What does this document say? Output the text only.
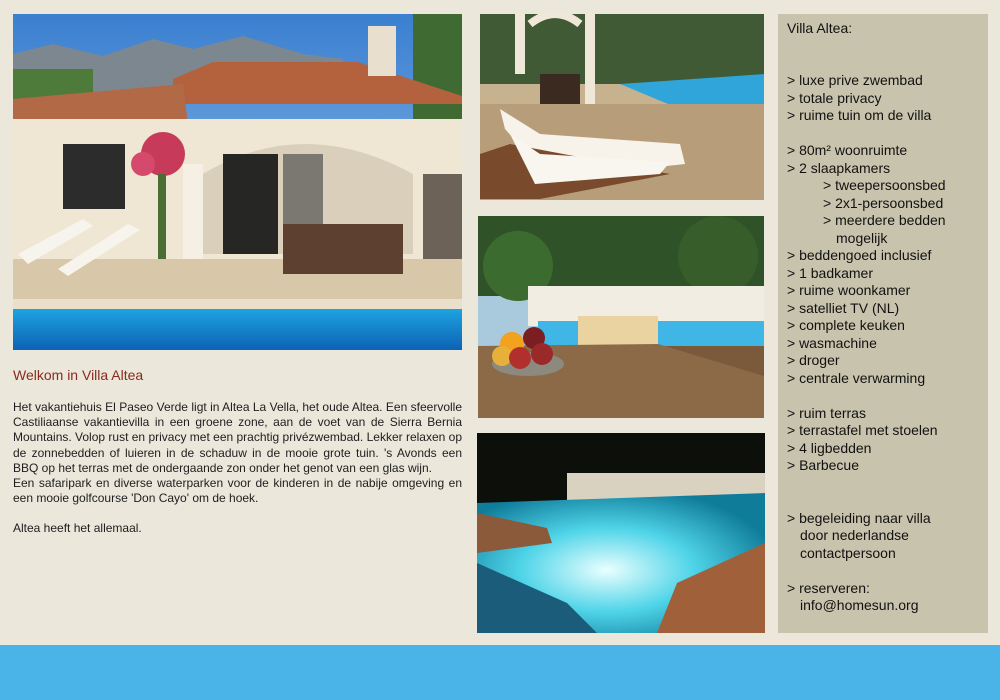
Welkom in Villa Altea

Het vakantiehuis El Paseo Verde ligt in Altea La Vella, het oude Altea. Een sfeervolle Castiliaanse vakantievilla in een groene zone, aan de voet van de Sierra Bernia Mountains. Volop rust en privacy met een prachtig privézwembad. Lekker relaxen op de zonnebedden of luieren in de schaduw in de mooie grote tuin. 's Avonds een BBQ op het terras met de ondergaande zon onder het genot van een glas wijn.

Een safaripark en diverse waterparken voor de kinderen in de nabije omgeving en een mooie golfcourse 'Don Cayo' om de hoek.

Altea heeft het allemaal.

Villa Altea:
> luxe prive zwembad
> totale privacy
> ruime tuin om de villa
> 80m² woonruimte
> 2 slaapkamers
> tweepersoonsbed
> 2x1-persoonsbed
> meerdere bedden
mogelijk
> beddengoed inclusief
> 1 badkamer
> ruime woonkamer
> satelliet TV (NL)
> complete keuken
> wasmachine
> droger
> centrale verwarming
> ruim terras
> terrastafel met stoelen
> 4 ligbedden
> Barbecue
> begeleiding naar villa
door nederlandse
contactpersoon
> reserveren:
info@homesun.org
